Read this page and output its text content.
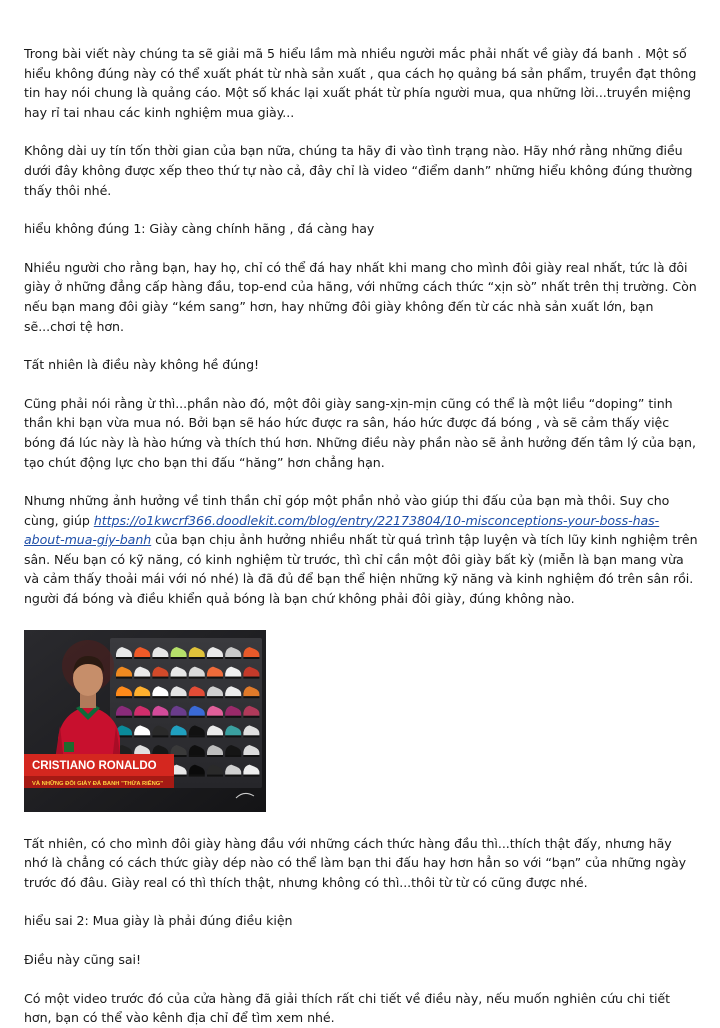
Trong bài viết này chúng ta sẽ giải mã 5 hiểu lầm mà nhiều người mắc phải nhất về giày đá banh . Một số hiểu không đúng này có thể xuất phát từ nhà sản xuất , qua cách họ quảng bá sản phẩm, truyền đạt thông tin hay nói chung là quảng cáo. Một số khác lại xuất phát từ phía người mua, qua những lời...truyền miệng hay rỉ tai nhau các kinh nghiệm mua giày...

Không dài uy tín tốn thời gian của bạn nữa, chúng ta hãy đi vào tình trạng nào. Hãy nhớ rằng những điều dưới đây không được xếp theo thứ tự nào cả, đây chỉ là video “điểm danh” những hiểu không đúng thường thấy thôi nhé.

hiểu không đúng 1: Giày càng chính hãng , đá càng hay

Nhiều người cho rằng bạn, hay họ, chỉ có thể đá hay nhất khi mang cho mình đôi giày real nhất, tức là đôi giày ở những đẳng cấp hàng đầu, top-end của hãng, với những cách thức “xịn sò” nhất trên thị trường. Còn nếu bạn mang đôi giày “kém sang” hơn, hay những đôi giày không đến từ các nhà sản xuất lớn, bạn sẽ...chơi tệ hơn.

Tất nhiên là điều này không hề đúng!

Cũng phải nói rằng ừ thì...phần nào đó, một đôi giày sang-xịn-mịn cũng có thể là một liều “doping” tinh thần khi bạn vừa mua nó. Bởi bạn sẽ háo hức được ra sân, háo hức được đá bóng , và sẽ cảm thấy việc bóng đá lúc này là hào hứng và thích thú hơn. Những điều này phần nào sẽ ảnh hưởng đến tâm lý của bạn, tạo chút động lực cho bạn thi đấu “hăng” hơn chẳng hạn.

Nhưng những ảnh hưởng về tinh thần chỉ góp một phần nhỏ vào giúp thi đấu của bạn mà thôi. Suy cho cùng, giúp https://o1kwcrf366.doodlekit.com/blog/entry/22173804/10-misconceptions-your-boss-has-about-mua-giy-banh của bạn chịu ảnh hưởng nhiều nhất từ quá trình tập luyện và tích lũy kinh nghiệm trên sân. Nếu bạn có kỹ năng, có kinh nghiệm từ trước, thì chỉ cần một đôi giày bất kỳ (miễn là bạn mang vừa và cảm thấy thoải mái với nó nhé) là đã đủ để bạn thể hiện những kỹ năng và kinh nghiệm đó trên sân rồi. người đá bóng và điều khiển quả bóng là bạn chứ không phải đôi giày, đúng không nào.

CRISTIANO RONALDO
VÀ NHỮNG ĐÔI GIÀY ĐÁ BANH "THỪA RIÊNG"

Tất nhiên, có cho mình đôi giày hàng đầu với những cách thức hàng đầu thì...thích thật đấy, nhưng hãy nhớ là chẳng có cách thức giày dép nào có thể làm bạn thi đấu hay hơn hẳn so với “bạn” của những ngày trước đó đâu. Giày real có thì thích thật, nhưng không có thì...thôi từ từ có cũng được nhé.

hiểu sai 2: Mua giày là phải đúng điều kiện

Điều này cũng sai!

Có một video trước đó của cửa hàng đã giải thích rất chi tiết về điều này, nếu muốn nghiên cứu chi tiết hơn, bạn có thể vào kênh địa chỉ để tìm xem nhé.
